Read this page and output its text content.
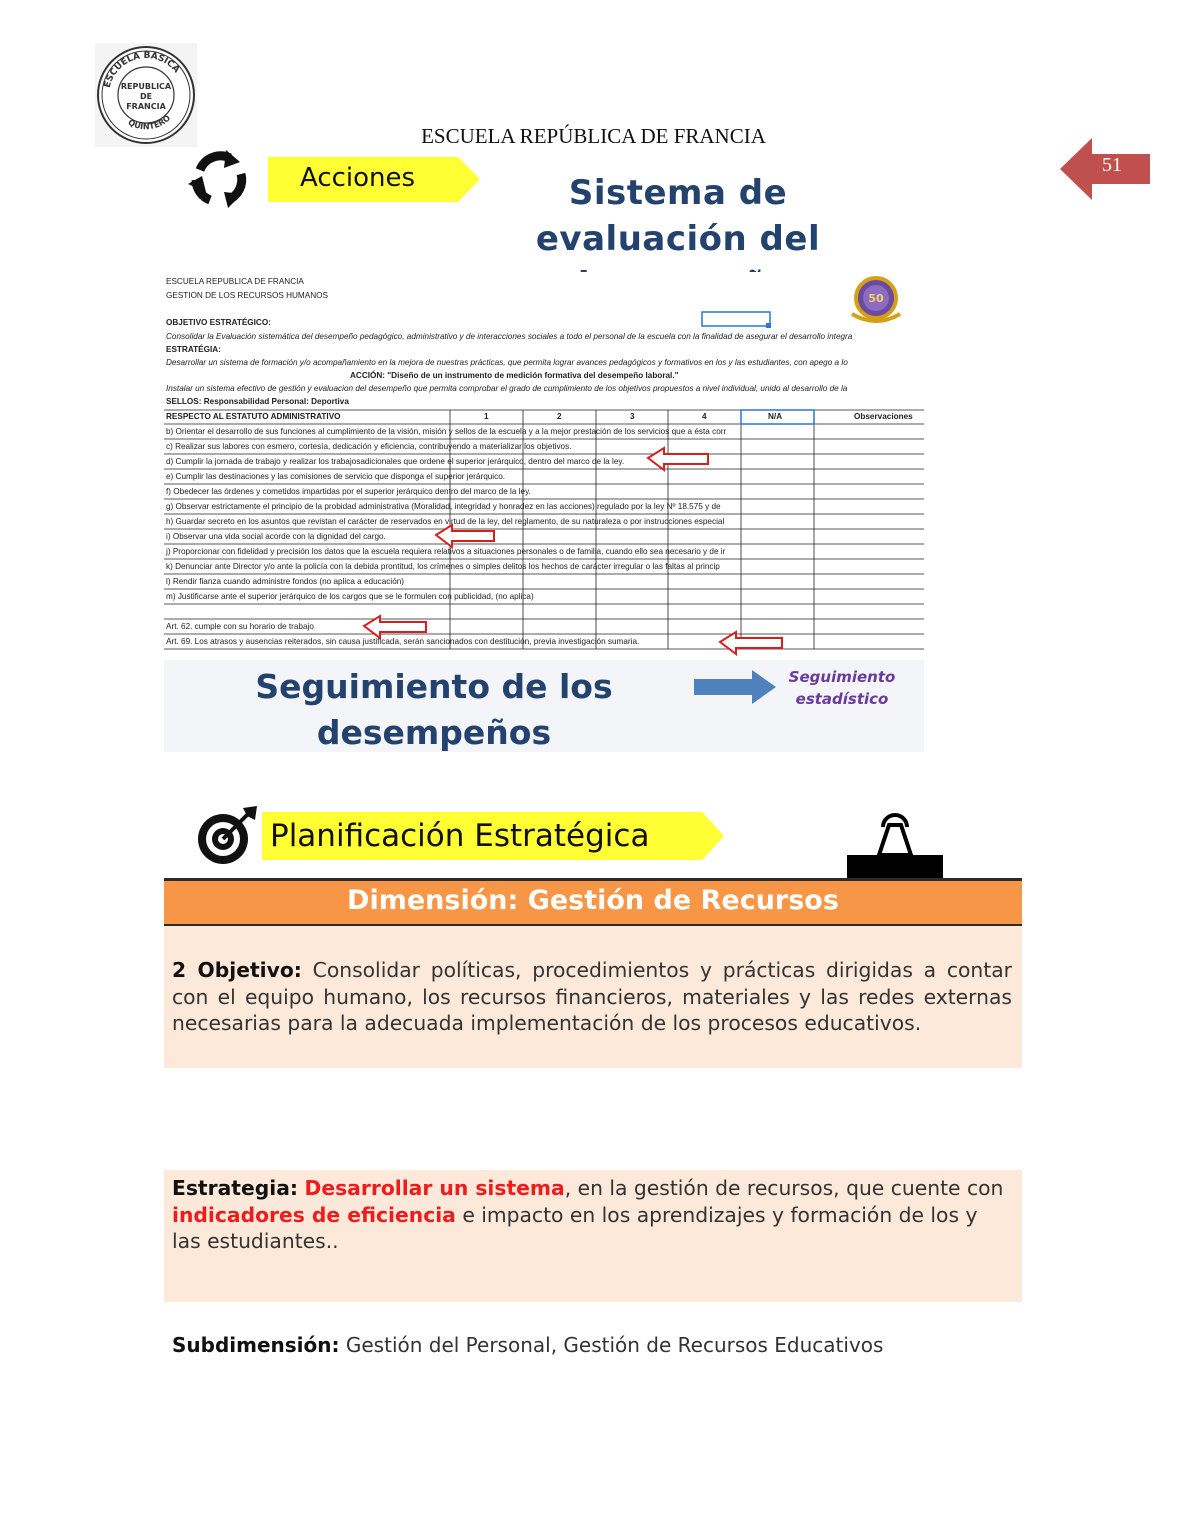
ESCUELA BASICA
QUINTERO
REPUBLICA
DE
FRANCIA
ESCUELA REPÚBLICA DE FRANCIA
51
Acciones	Sistema de evaluación del
50
ESCUELA REPUBLICA DE FRANCIA
GESTION DE LOS RECURSOS HUMANOS
OBJETIVO ESTRATÉGICO:
Consolidar la Evaluación sistemática del desempeño pedagógico, administrativo y de interacciones sociales a todo el personal de la escuela con la finalidad de asegurar el desarrollo integra
ESTRATÉGIA:
Desarrollar un sistema de formación y/o acompañamiento en la mejora de nuestras prácticas, que permita lograr avances pedagógicos y formativos en los y las estudiantes, con apego a lo
ACCIÓN: "Diseño de un instrumento de medición formativa del desempeño laboral."
Instalar un sistema efectivo de gestión y evaluacion del desempeño que permita comprobar el grado de cumplimiento de los objetivos propuestos a nivel individual, unido al desarrollo de la
SELLOS: Responsabilidad Personal: Deportiva
RESPECTO AL ESTATUTO ADMINISTRATIVO	1	2	3	4	N/A	Observaciones
b) Orientar el desarrollo de sus funciones al cumplimiento de la visión, misión y sellos de la escuela y a la mejor prestación de los servicios que a ésta corr
c) Realizar sus labores con esmero, cortesía, dedicación y eficiencia, contribuyendo a materializar los objetivos.
d) Cumplir la jornada de trabajo y realizar los trabajosadicionales que ordene el superior jerárquico, dentro del marco de la ley.
e) Cumplir las destinaciones y las comisiones de servicio que disponga el superior jerárquico.
f) Obedecer las órdenes y cometidos impartidas por el superior jerárquico dentro del marco de la ley.
g) Observar estrictamente el principio de la probidad administrativa (Moralidad, integridad y honradez en las acciones) regulado por la ley Nº 18.575 y de
h) Guardar secreto en los asuntos que revistan el carácter de reservados en virtud de la ley, del reglamento, de su naturaleza o por instrucciones especial
i) Observar una vida social acorde con la dignidad del cargo.
j) Proporcionar con fidelidad y precisión los datos que la escuela requiera relativos a situaciones personales o de familia, cuando ello sea necesario y de ir
k) Denunciar ante Director y/o ante la policía con la debida prontitud, los crímenes o simples delitos los hechos de carácter irregular o las faltas al princip
l) Rendir fianza cuando administre fondos (no aplica a educación)
m) Justificarse ante el superior jerárquico de los cargos que se le formulen con publicidad, (no aplica)
Art. 62. cumple con su horario de trabajo
Art. 69. Los atrasos y ausencias reiterados, sin causa justificada, serán sancionados con destitución, previa investigación sumaria.
Seguimiento de los desempeños
Seguimiento estadístico
Planificación Estratégica
Dimensión: Gestión de Recursos
2 Objetivo: Consolidar políticas, procedimientos y prácticas dirigidas a contar con el equipo humano, los recursos financieros, materiales y las redes externas necesarias para la adecuada implementación de los procesos educativos.
Estrategia: Desarrollar un sistema, en la gestión de recursos, que cuente con indicadores de eficiencia e impacto en los aprendizajes y formación de los y las estudiantes..
Subdimensión: Gestión del Personal, Gestión de Recursos Educativos
